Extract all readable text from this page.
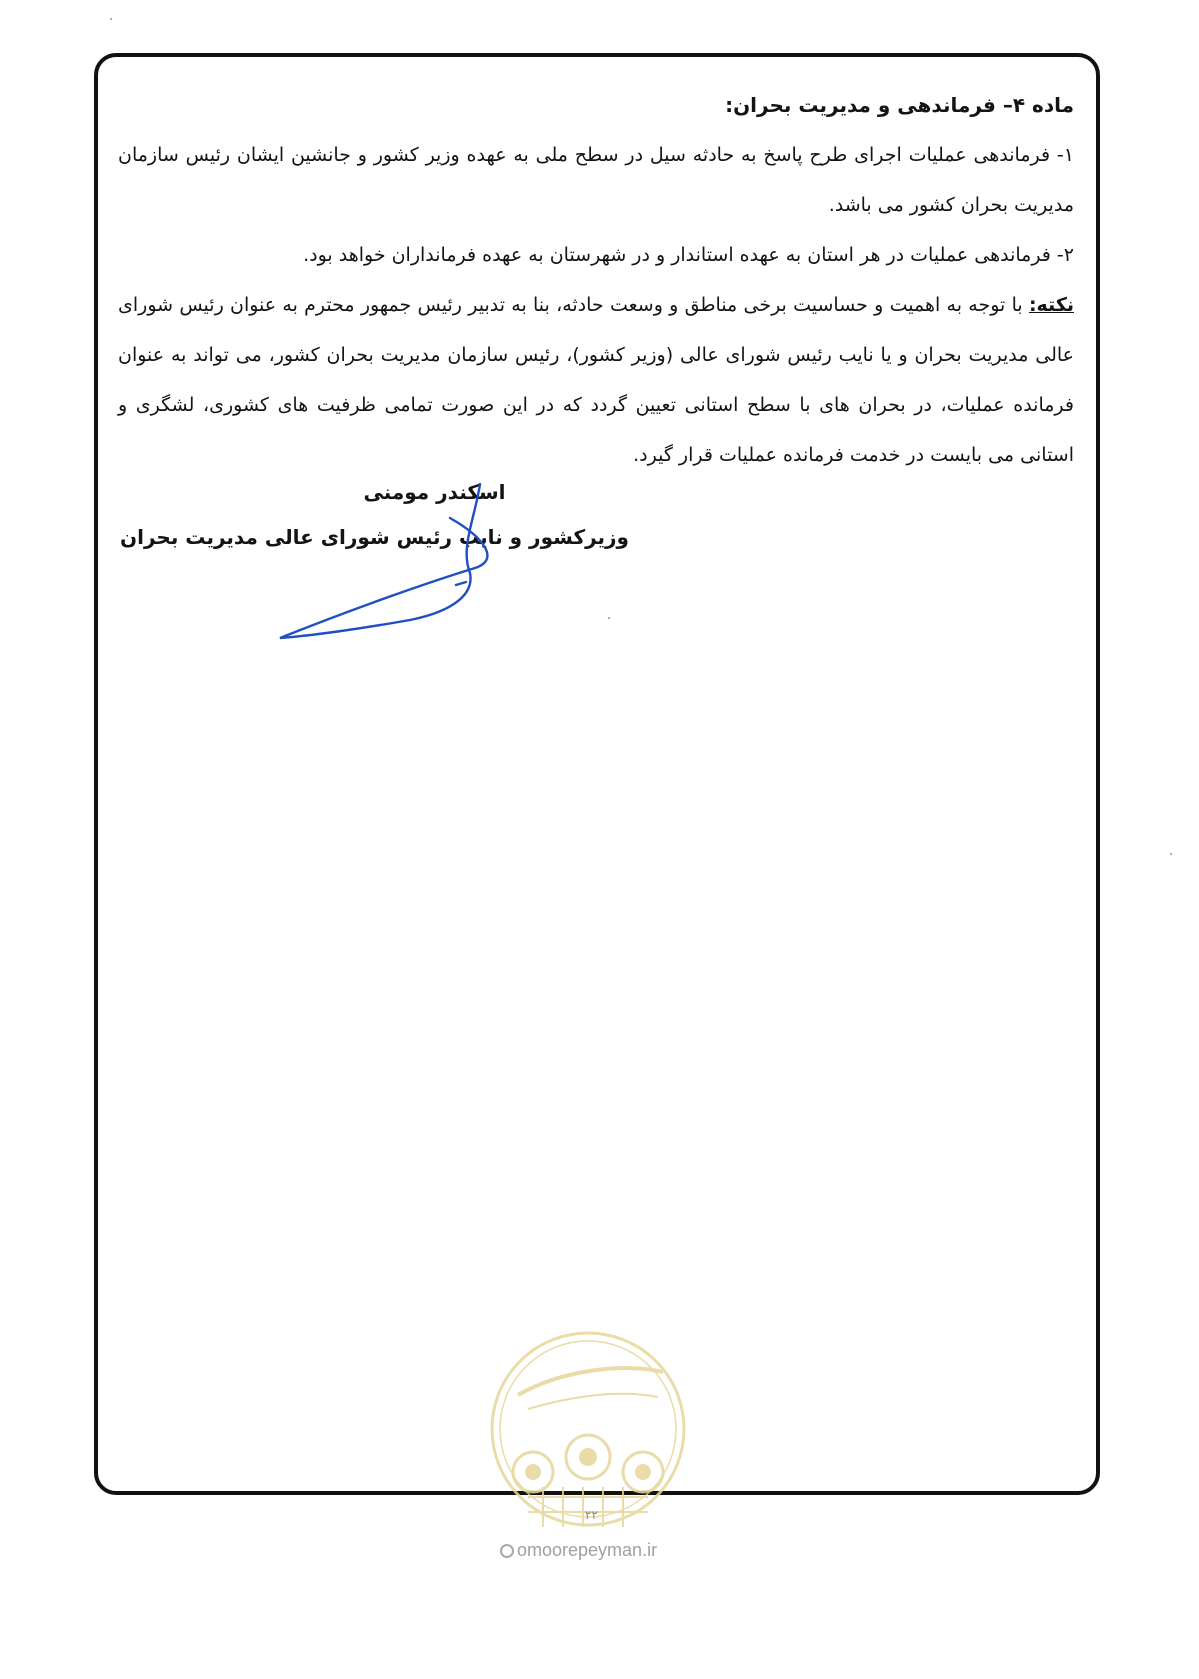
ماده ۴– فرماندهی و مدیریت بحران:

۱- فرماندهی عملیات اجرای طرح پاسخ به حادثه سیل در سطح ملی به عهده وزیر کشور و جانشین ایشان رئیس سازمان مدیریت بحران کشور می باشد.

۲- فرماندهی عملیات در هر استان به عهده استاندار و در شهرستان به عهده فرمانداران خواهد بود.

نکته: با توجه به اهمیت و حساسیت برخی مناطق و وسعت حادثه، بنا به تدبیر رئیس جمهور محترم به عنوان رئیس شورای عالی مدیریت بحران و یا نایب رئیس شورای عالی (وزیر کشور)، رئیس سازمان مدیریت بحران کشور، می تواند به عنوان فرمانده عملیات، در بحران های با سطح استانی تعیین گردد که در این صورت تمامی ظرفیت های کشوری، لشگری و استانی می بایست در خدمت فرمانده عملیات قرار گیرد.

اسکندر مومنی
وزیرکشور و نایب رئیس شورای عالی مدیریت بحران
۲۲
omoorepeyman.ir
